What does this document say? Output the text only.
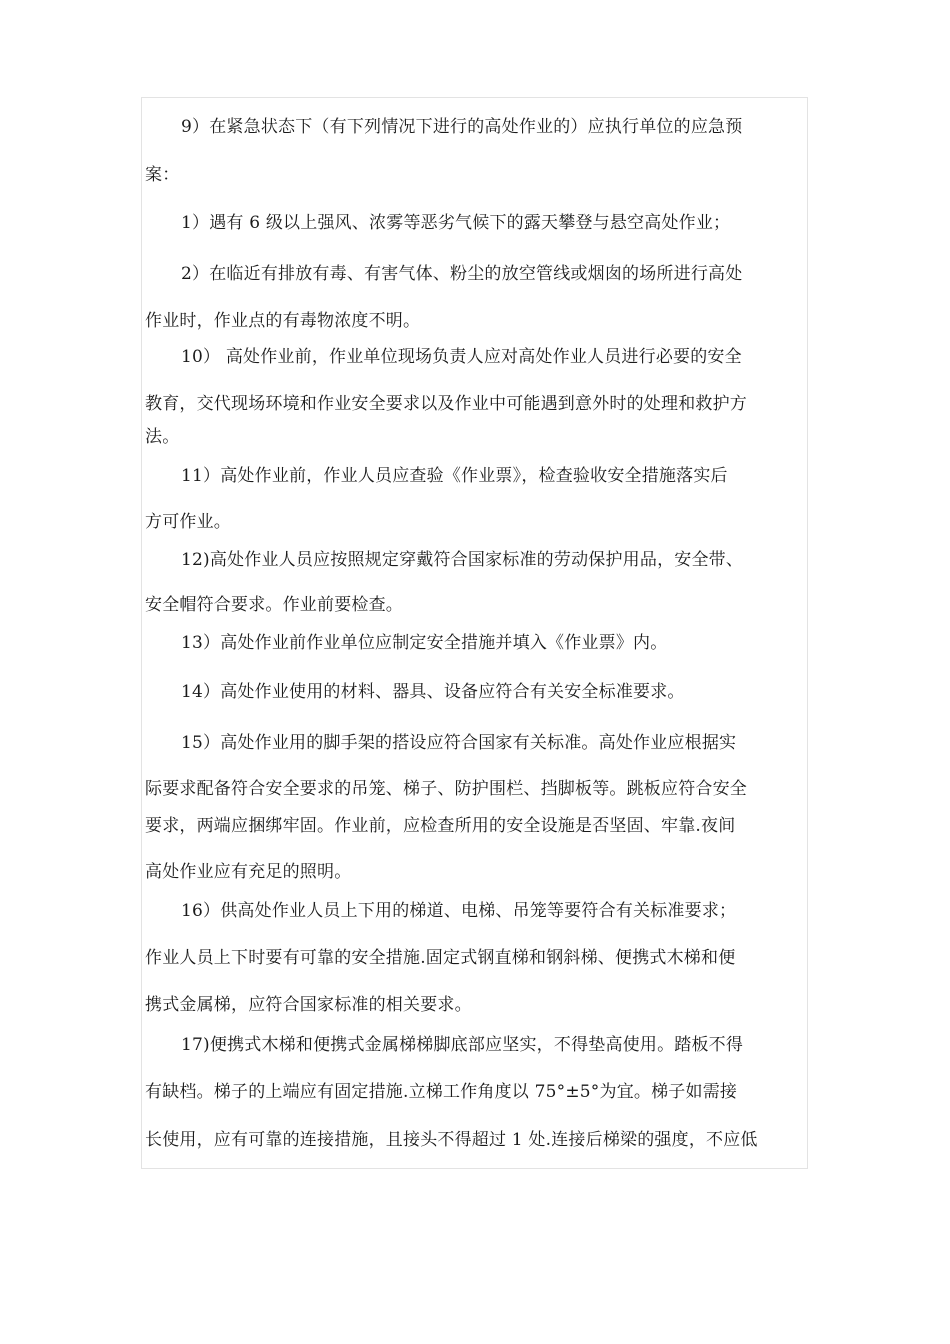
9）在紧急状态下（有下列情况下进行的高处作业的）应执行单位的应急预
案：
1）遇有 6 级以上强风、浓雾等恶劣气候下的露天攀登与悬空高处作业；
2）在临近有排放有毒、有害气体、粉尘的放空管线或烟囱的场所进行高处
作业时，作业点的有毒物浓度不明。
10） 高处作业前，作业单位现场负责人应对高处作业人员进行必要的安全
教育，交代现场环境和作业安全要求以及作业中可能遇到意外时的处理和救护方
法。
11）高处作业前，作业人员应查验《作业票》，检查验收安全措施落实后
方可作业。
12)高处作业人员应按照规定穿戴符合国家标准的劳动保护用品，安全带、
安全帽符合要求。作业前要检查。
13）高处作业前作业单位应制定安全措施并填入《作业票》内。
14）高处作业使用的材料、器具、设备应符合有关安全标准要求。
15）高处作业用的脚手架的搭设应符合国家有关标准。高处作业应根据实
际要求配备符合安全要求的吊笼、梯子、防护围栏、挡脚板等。跳板应符合安全
要求，两端应捆绑牢固。作业前，应检查所用的安全设施是否坚固、牢靠.夜间
高处作业应有充足的照明。
16）供高处作业人员上下用的梯道、电梯、吊笼等要符合有关标准要求；
作业人员上下时要有可靠的安全措施.固定式钢直梯和钢斜梯、便携式木梯和便
携式金属梯，应符合国家标准的相关要求。
17)便携式木梯和便携式金属梯梯脚底部应坚实，不得垫高使用。踏板不得
有缺档。梯子的上端应有固定措施.立梯工作角度以 75°±5°为宜。梯子如需接
长使用，应有可靠的连接措施，且接头不得超过 1 处.连接后梯梁的强度，不应低
